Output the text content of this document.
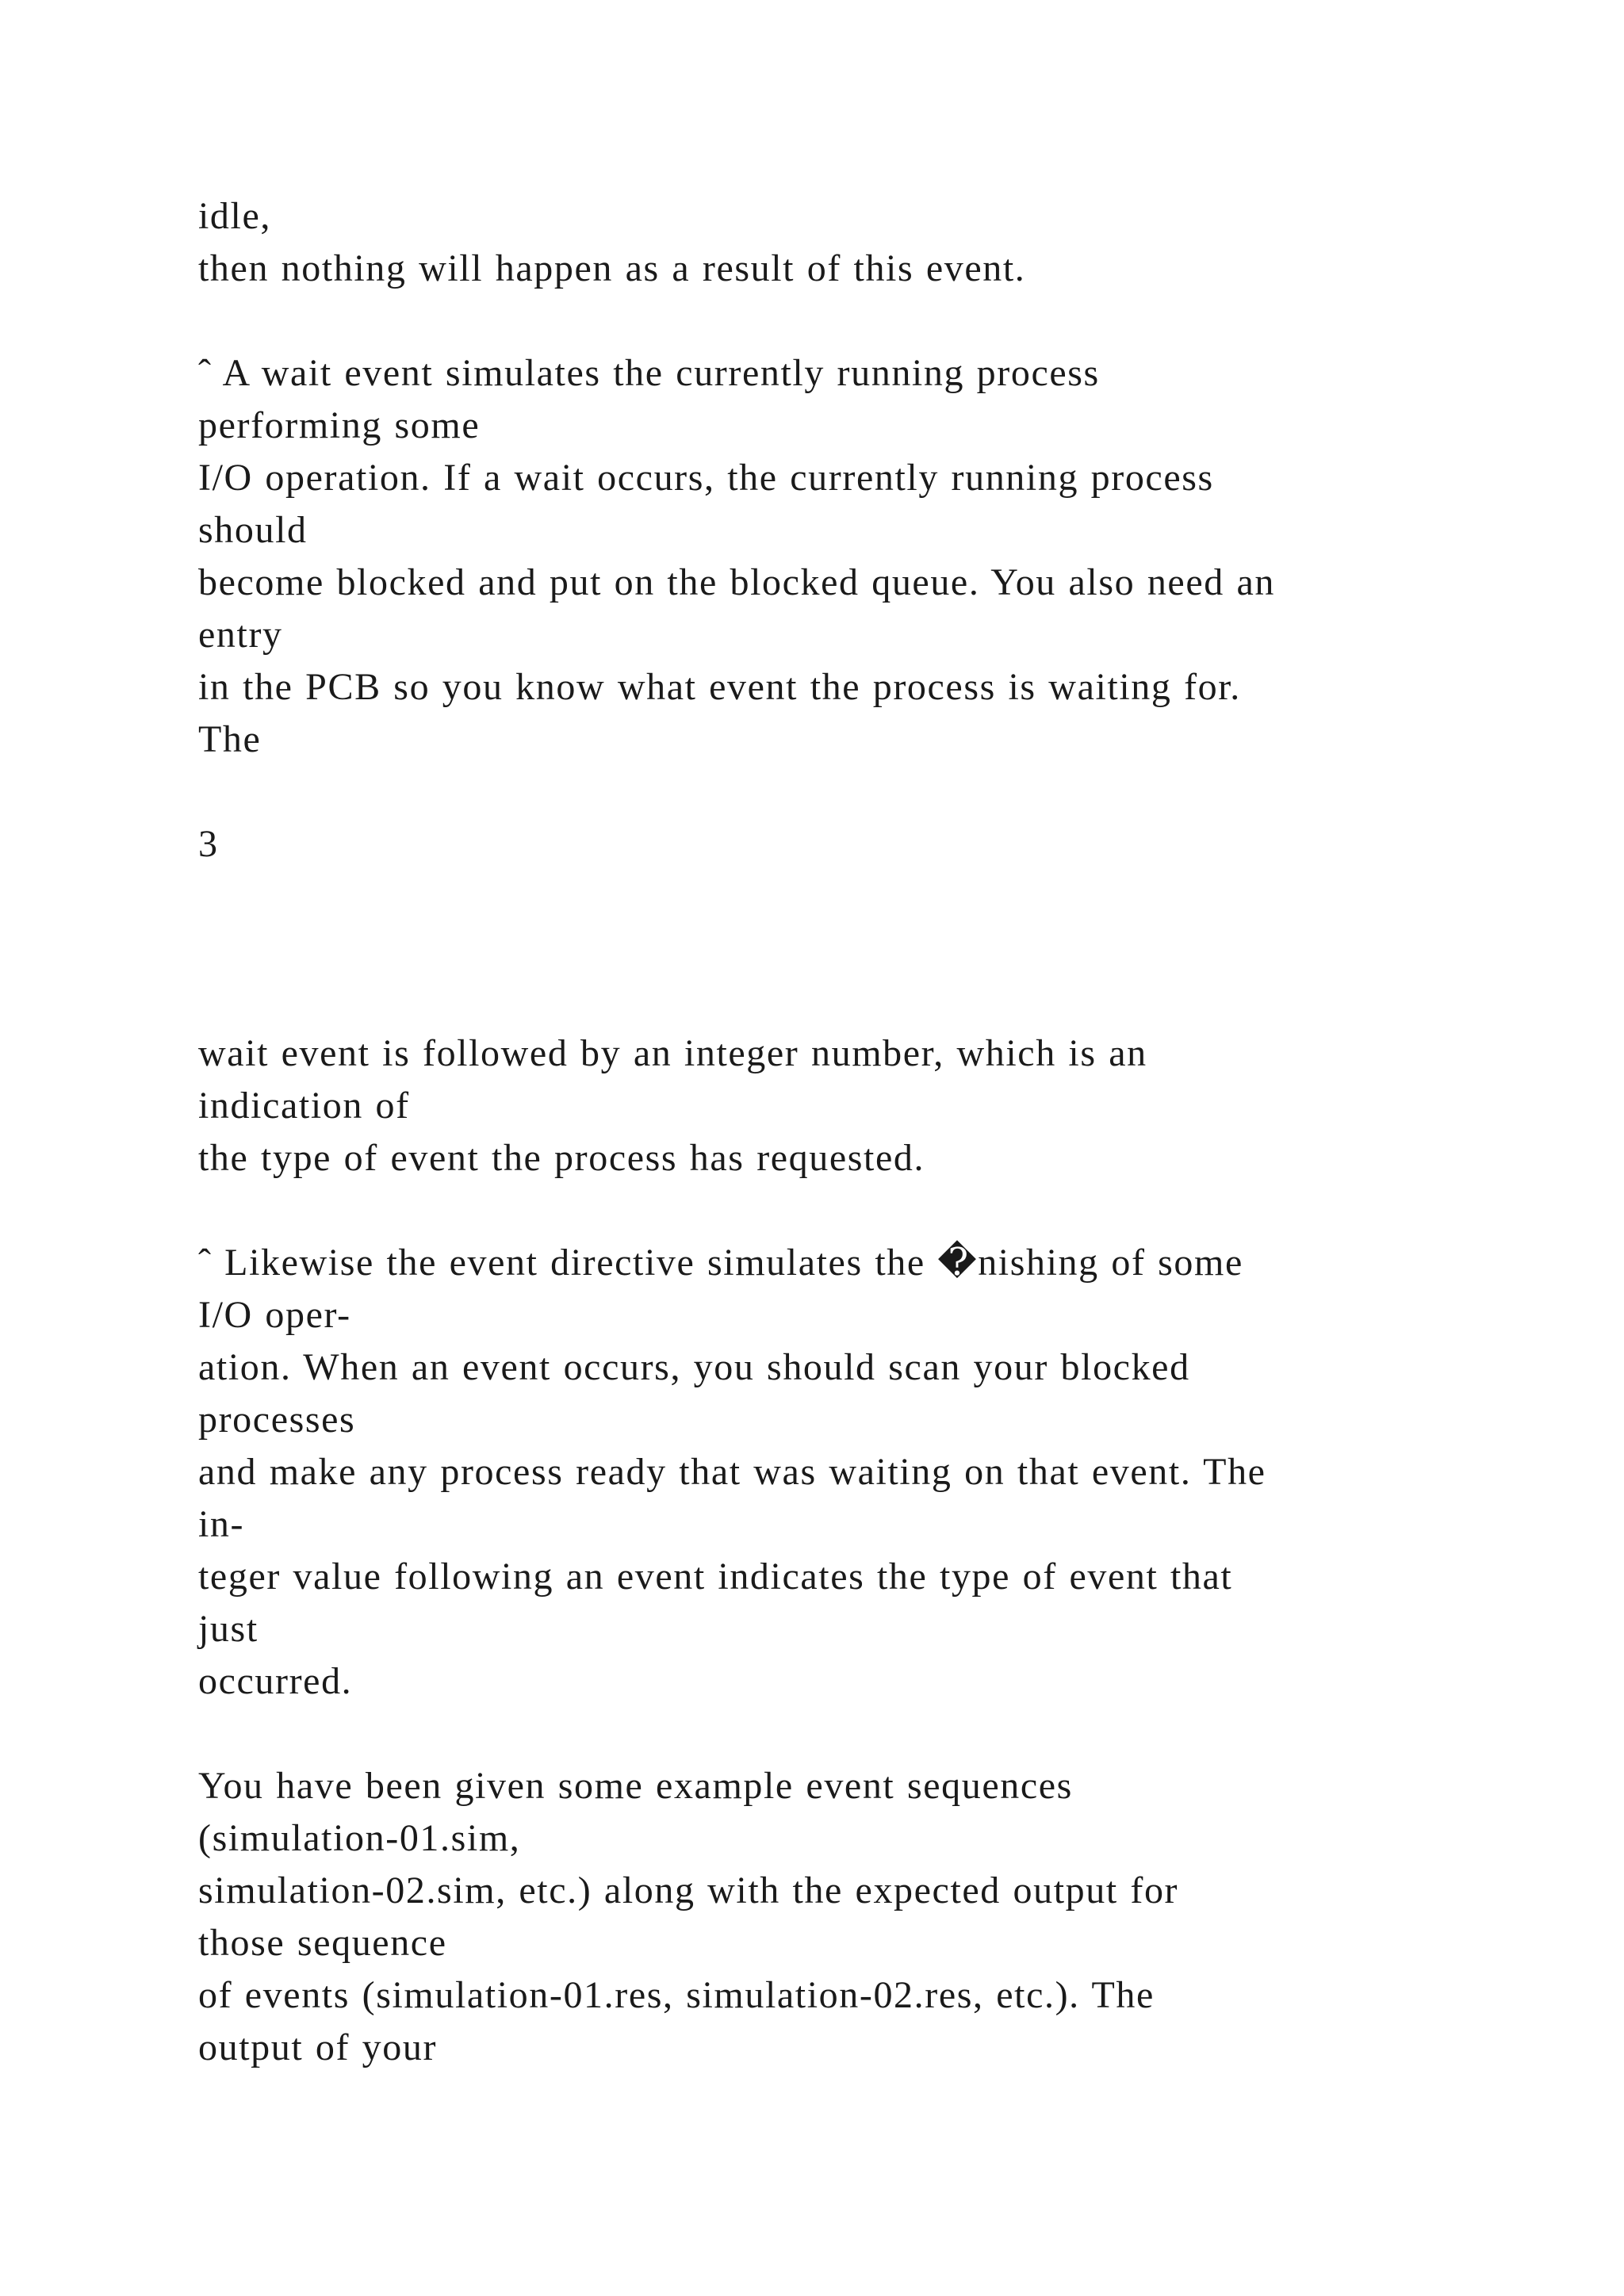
idle,
then nothing will happen as a result of this event.
ˆ A wait event simulates the currently running process
performing some
I/O operation. If a wait occurs, the currently running process
should
become blocked and put on the blocked queue. You also need an
entry
in the PCB so you know what event the process is waiting for.
The
3
wait event is followed by an integer number, which is an
indication of
the type of event the process has requested.
ˆ Likewise the event directive simulates the �nishing of some
I/O oper-
ation. When an event occurs, you should scan your blocked
processes
and make any process ready that was waiting on that event. The
in-
teger value following an event indicates the type of event that
just
occurred.
You have been given some example event sequences
(simulation-01.sim,
simulation-02.sim, etc.) along with the expected output for
those sequence
of events (simulation-01.res, simulation-02.res, etc.). The
output of your
